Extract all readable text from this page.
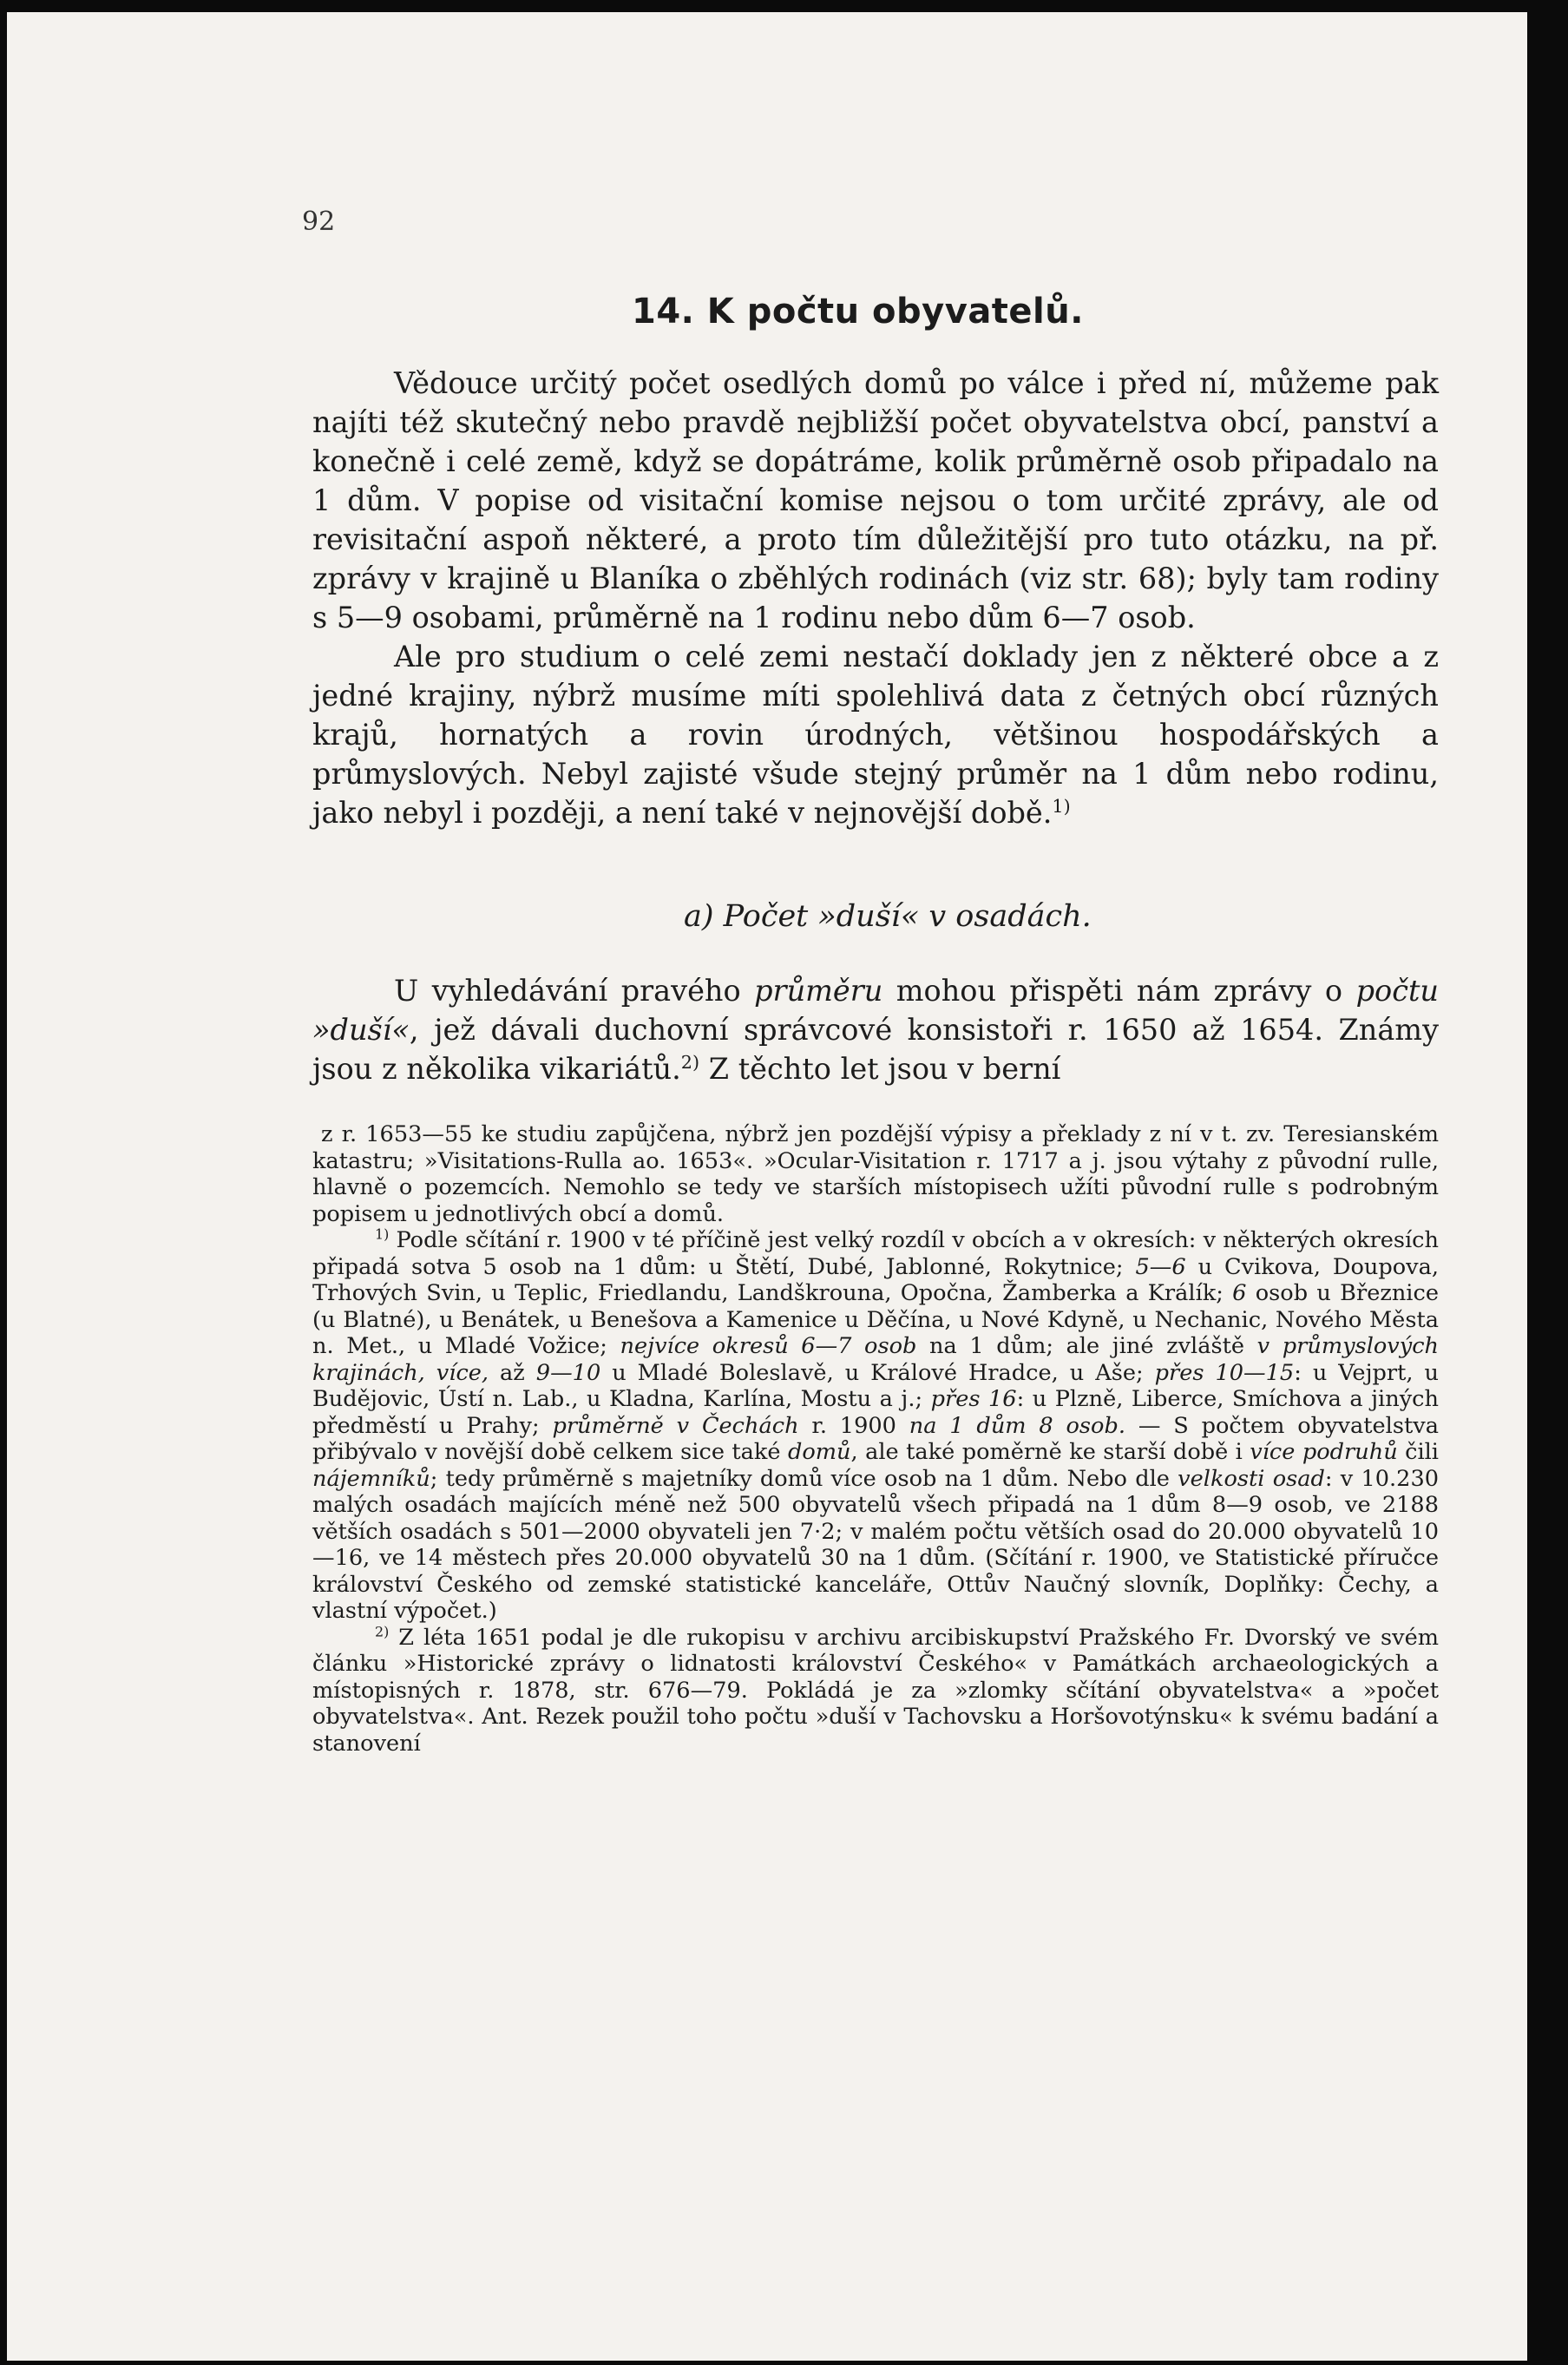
92
14. K počtu obyvatelů.

Vědouce určitý počet osedlých domů po válce i před ní, můžeme pak najíti též skutečný nebo pravdě nejbližší počet obyvatelstva obcí, panství a konečně i celé země, když se dopátráme, kolik průměrně osob připadalo na 1 dům. V popise od visitační komise nejsou o tom určité zprávy, ale od revisitační aspoň některé, a proto tím důležitější pro tuto otázku, na př. zprávy v krajině u Blaníka o zběhlých rodinách (viz str. 68); byly tam rodiny s 5—9 osobami, průměrně na 1 rodinu nebo dům 6—7 osob.

Ale pro studium o celé zemi nestačí doklady jen z některé obce a z jedné krajiny, nýbrž musíme míti spolehlivá data z četných obcí různých krajů, hornatých a rovin úrodných, většinou hospodářských a průmyslových. Nebyl zajisté všude stejný průměr na 1 dům nebo rodinu, jako nebyl i později, a není také v nejnovější době.$^{1)}$

a) Počet »duší« v osadách.

U vyhledávání pravého průměru mohou přispěti nám zprávy o počtu »duší«, jež dávali duchovní správcové konsistoři r. 1650 až 1654. Známy jsou z několika vikariátů.$^{2)}$ Z těchto let jsou v berní

z r. 1653—55 ke studiu zapůjčena, nýbrž jen pozdější výpisy a překlady z ní v t. zv. Teresianském katastru; »Visitations-Rulla ao. 1653«. »Ocular-Visitation r. 1717 a j. jsou výtahy z původní rulle, hlavně o pozemcích. Nemohlo se tedy ve starších místopisech užíti původní rulle s podrobným popisem u jednotlivých obcí a domů.

$^{1)}$ Podle sčítání r. 1900 v té příčině jest velký rozdíl v obcích a v okresích: v některých okresích připadá sotva 5 osob na 1 dům: u Štětí, Dubé, Jablonné, Rokytnice; 5—6 u Cvikova, Doupova, Trhových Svin, u Teplic, Friedlandu, Landškrouna, Opočna, Žamberka a Králík; 6 osob u Březnice (u Blatné), u Benátek, u Benešova a Kamenice u Děčína, u Nové Kdyně, u Nechanic, Nového Města n. Met., u Mladé Vožice; nejvíce okresů 6—7 osob na 1 dům; ale jiné zvláště v průmyslových krajinách, více, až 9—10 u Mladé Boleslavě, u Králové Hradce, u Aše; přes 10—15: u Vejprt, u Budějovic, Ústí n. Lab., u Kladna, Karlína, Mostu a j.; přes 16: u Plzně, Liberce, Smíchova a jiných předměstí u Prahy; průměrně v Čechách r. 1900 na 1 dům 8 osob. — S počtem obyvatelstva přibývalo v novější době celkem sice také domů, ale také poměrně ke starší době i více podruhů čili nájemníků; tedy průměrně s majetníky domů více osob na 1 dům. Nebo dle velkosti osad: v 10.230 malých osadách majících méně než 500 obyvatelů všech připadá na 1 dům 8—9 osob, ve 2188 větších osadách s 501—2000 obyvateli jen 7·2; v malém počtu větších osad do 20.000 obyvatelů 10—16, ve 14 městech přes 20.000 obyvatelů 30 na 1 dům. (Sčítání r. 1900, ve Statistické příručce království Českého od zemské statistické kanceláře, Ottův Naučný slovník, Doplňky: Čechy, a vlastní výpočet.)

$^{2)}$ Z léta 1651 podal je dle rukopisu v archivu arcibiskupství Pražského Fr. Dvorský ve svém článku »Historické zprávy o lidnatosti království Českého« v Památkách archaeologických a místopisných r. 1878, str. 676—79. Pokládá je za »zlomky sčítání obyvatelstva« a »počet obyvatelstva«. Ant. Rezek použil toho počtu »duší v Tachovsku a Horšovotýnsku« k svému badání a stanovení
